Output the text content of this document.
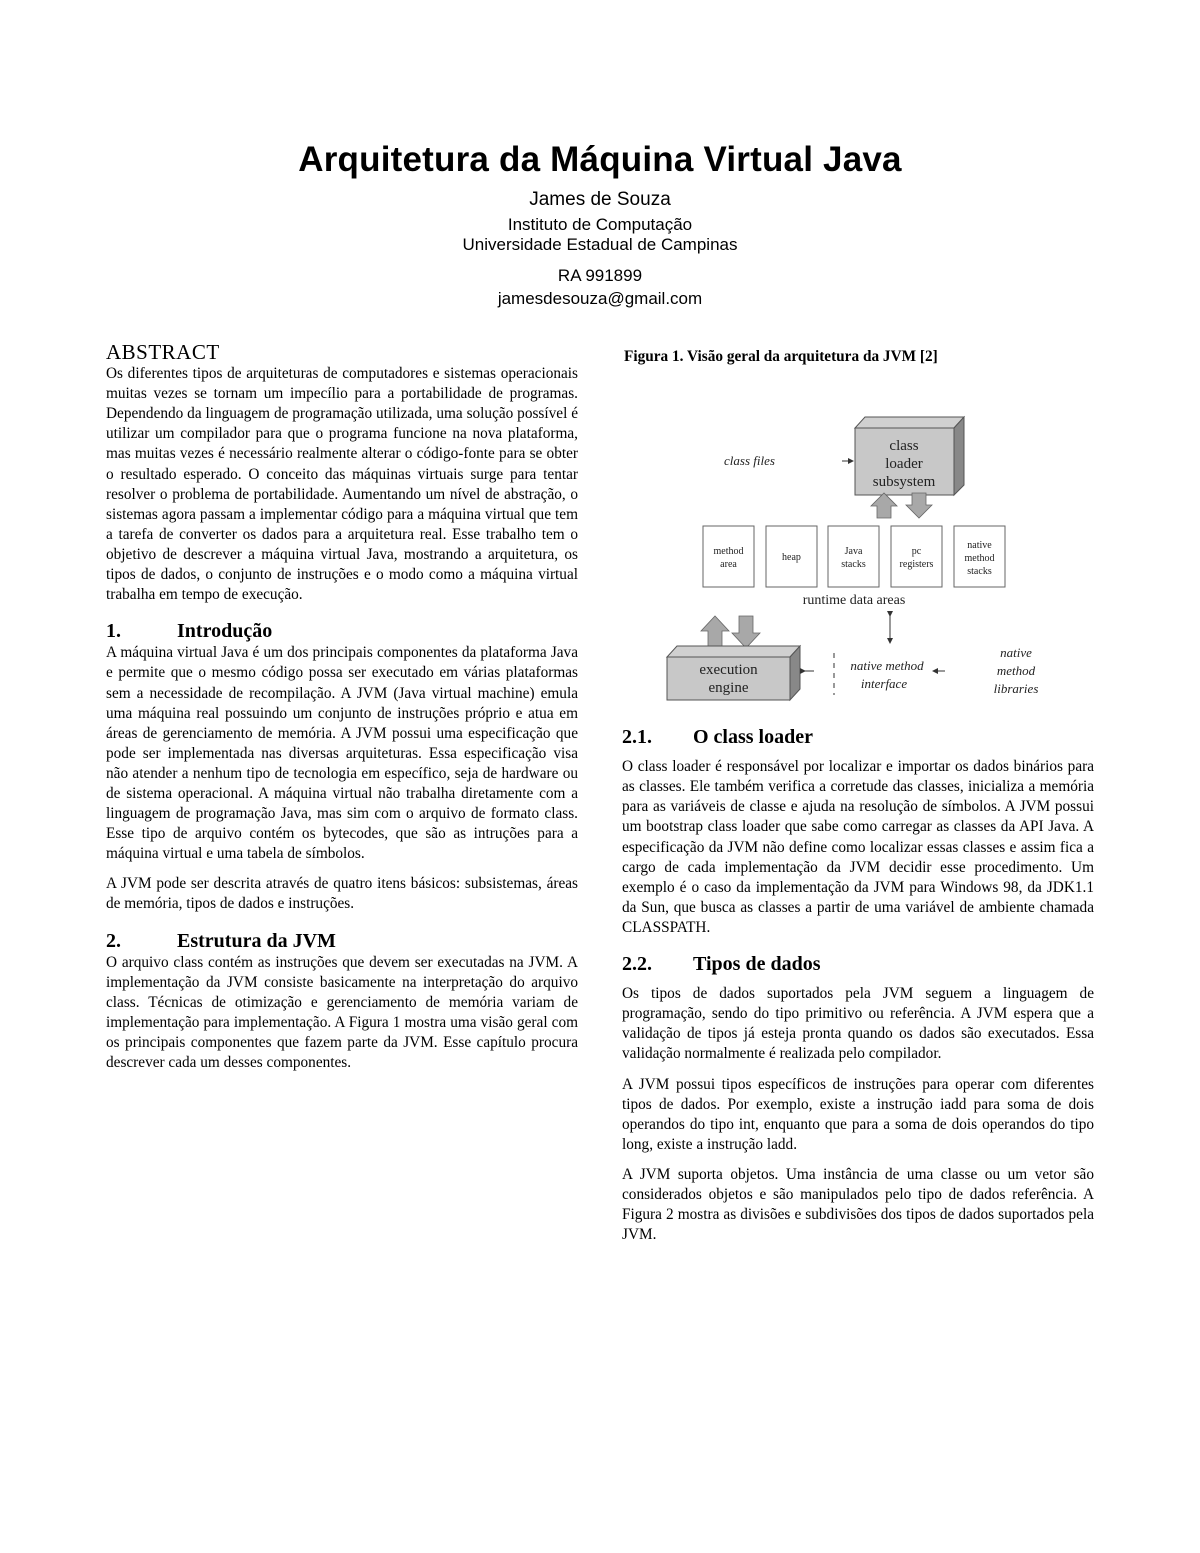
Arquitetura da Máquina Virtual Java
James de Souza
Instituto de Computação
Universidade Estadual de Campinas
RA 991899
jamesdesouza@gmail.com
ABSTRACT

Os diferentes tipos de arquiteturas de computadores e sistemas operacionais muitas vezes se tornam um impecílio para a portabilidade de programas. Dependendo da linguagem de programação utilizada, uma solução possível é utilizar um compilador para que o programa funcione na nova plataforma, mas muitas vezes é necessário realmente alterar o código-fonte para se obter o resultado esperado. O conceito das máquinas virtuais surge para tentar resolver o problema de portabilidade. Aumentando um nível de abstração, o sistemas agora passam a implementar código para a máquina virtual que tem a tarefa de converter os dados para a arquitetura real. Esse trabalho tem o objetivo de descrever a máquina virtual Java, mostrando a arquitetura, os tipos de dados, o conjunto de instruções e o modo como a máquina virtual trabalha em tempo de execução.

1.	Introdução

A máquina virtual Java é um dos principais componentes da plataforma Java e permite que o mesmo código possa ser executado em várias plataformas sem a necessidade de recompilação. A JVM (Java virtual machine) emula uma máquina real possuindo um conjunto de instruções próprio e atua em áreas de gerenciamento de memória. A JVM possui uma especificação que pode ser implementada nas diversas arquiteturas. Essa especificação visa não atender a nenhum tipo de tecnologia em específico, seja de hardware ou de sistema operacional. A máquina virtual não trabalha diretamente com a linguagem de programação Java, mas sim com o arquivo de formato class. Esse tipo de arquivo contém os bytecodes, que são as intruções para a máquina virtual e uma tabela de símbolos.

A JVM pode ser descrita através de quatro itens básicos: subsistemas, áreas de memória, tipos de dados e instruções.

2.	Estrutura da JVM

O arquivo class contém as instruções que devem ser executadas na JVM. A implementação da JVM consiste basicamente na interpretação do arquivo class. Técnicas de otimização e gerenciamento de memória variam de implementação para implementação. A Figura 1 mostra uma visão geral com os principais componentes que fazem parte da JVM. Esse capítulo procura descrever cada um desses componentes.

Figura 1. Visão geral da arquitetura da JVM [2]
class files
class
loader
subsystem
method
area
heap
Java
stacks
pc
registers
native
method
stacks
runtime data areas
execution
engine
native method
interface
native
method
libraries
2.1.	O class loader

O class loader é responsável por localizar e importar os dados binários para as classes. Ele também verifica a corretude das classes, inicializa a memória para as variáveis de classe e ajuda na resolução de símbolos. A JVM possui um bootstrap class loader que sabe como carregar as classes da API Java. A especificação da JVM não define como localizar essas classes e assim fica a cargo de cada implementação da JVM decidir esse procedimento. Um exemplo é o caso da implementação da JVM para Windows 98, da JDK1.1 da Sun, que busca as classes a partir de uma variável de ambiente chamada CLASSPATH.

2.2.	Tipos de dados

Os tipos de dados suportados pela JVM seguem a linguagem de programação, sendo do tipo primitivo ou referência. A JVM espera que a validação de tipos já esteja pronta quando os dados são executados. Essa validação normalmente é realizada pelo compilador.

A JVM possui tipos específicos de instruções para operar com diferentes tipos de dados. Por exemplo, existe a instrução iadd para soma de dois operandos do tipo int, enquanto que para a soma de dois operandos do tipo long, existe a instrução ladd.

A JVM suporta objetos. Uma instância de uma classe ou um vetor são considerados objetos e são manipulados pelo tipo de dados referência. A Figura 2 mostra as divisões e subdivisões dos tipos de dados suportados pela JVM.
